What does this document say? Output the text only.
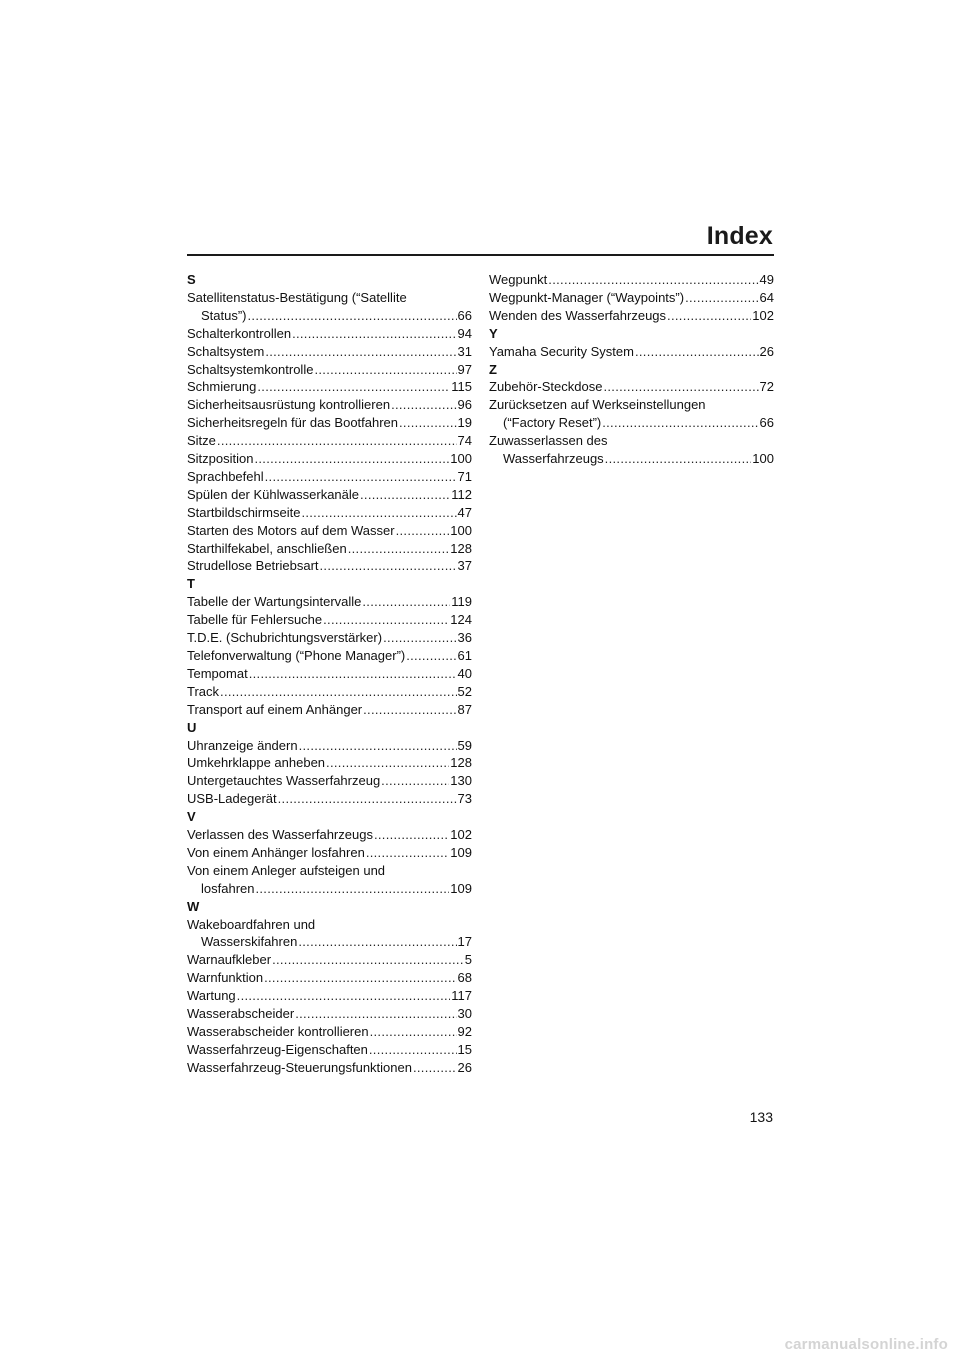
Index
S
Satellitenstatus-Bestätigung (“Satellite
Status”) .....	66
Schalterkontrollen .....	94
Schaltsystem .....	31
Schaltsystemkontrolle .....	97
Schmierung .....	115
Sicherheitsausrüstung kontrollieren .....	96
Sicherheitsregeln für das Bootfahren .....	19
Sitze .....	74
Sitzposition .....	100
Sprachbefehl .....	71
Spülen der Kühlwasserkanäle .....	112
Startbildschirmseite .....	47
Starten des Motors auf dem Wasser .....	100
Starthilfekabel, anschließen .....	128
Strudellose Betriebsart .....	37
T
Tabelle der Wartungsintervalle .....	119
Tabelle für Fehlersuche .....	124
T.D.E. (Schubrichtungsverstärker) .....	36
Telefonverwaltung (“Phone Manager”) .....	61
Tempomat .....	40
Track .....	52
Transport auf einem Anhänger .....	87
U
Uhranzeige ändern .....	59
Umkehrklappe anheben .....	128
Untergetauchtes Wasserfahrzeug .....	130
USB-Ladegerät .....	73
V
Verlassen des Wasserfahrzeugs .....	102
Von einem Anhänger losfahren .....	109
Von einem Anleger aufsteigen und
losfahren .....	109
W
Wakeboardfahren und
Wasserskifahren .....	17
Warnaufkleber .....	5
Warnfunktion .....	68
Wartung .....	117
Wasserabscheider .....	30
Wasserabscheider kontrollieren .....	92
Wasserfahrzeug-Eigenschaften .....	15
Wasserfahrzeug-Steuerungsfunktionen .....	26
Wegpunkt .....	49
Wegpunkt-Manager (“Waypoints”) .....	64
Wenden des Wasserfahrzeugs .....	102
Y
Yamaha Security System .....	26
Z
Zubehör-Steckdose .....	72
Zurücksetzen auf Werkseinstellungen
(“Factory Reset”) .....	66
Zuwasserlassen des
Wasserfahrzeugs .....	100
133
carmanualsonline.info
